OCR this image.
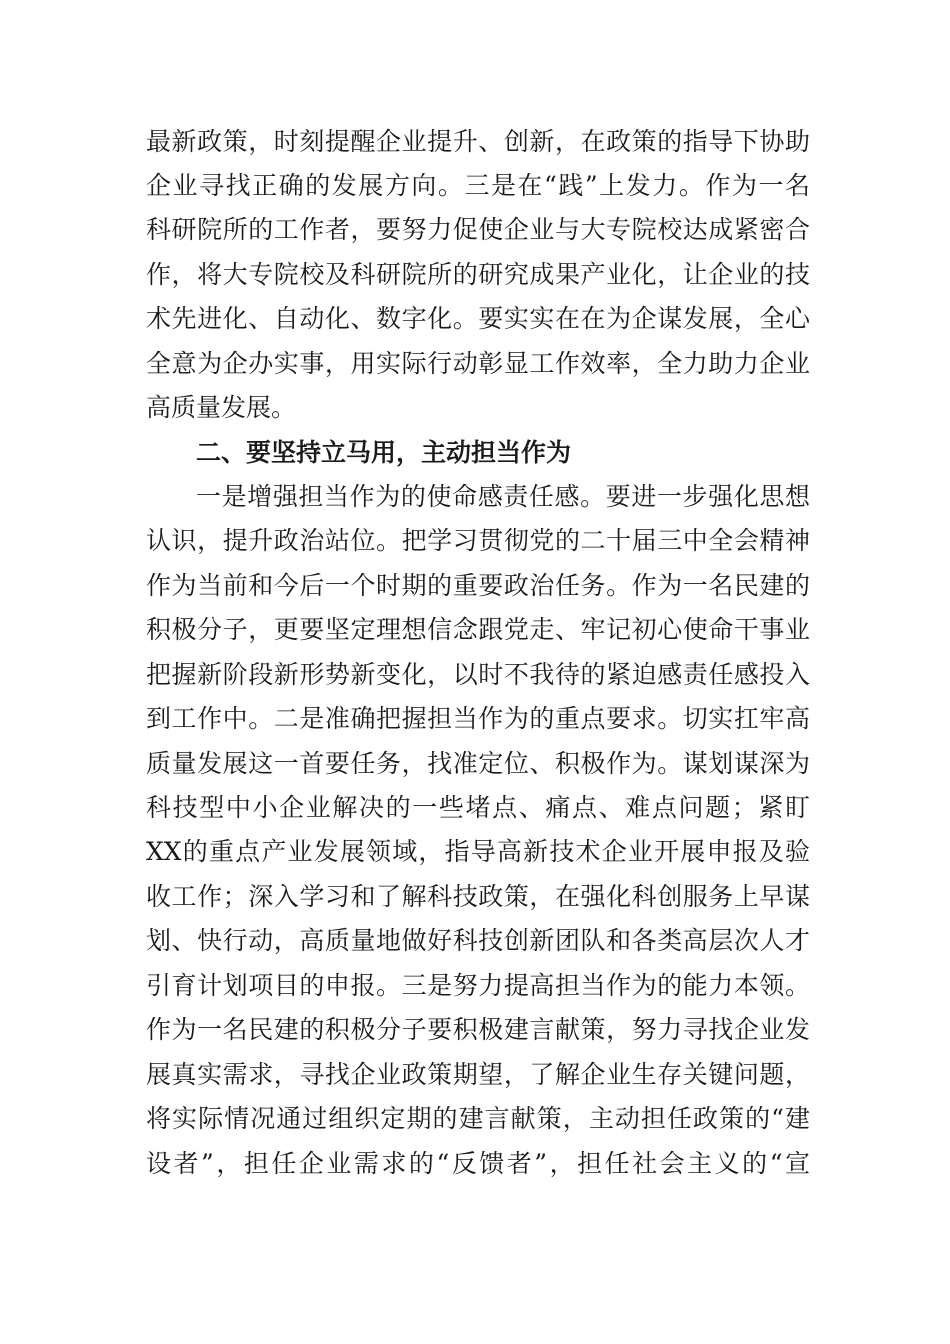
最新政策，时刻提醒企业提升、创新，在政策的指导下协助
企业寻找正确的发展方向。三是在“践”上发力。作为一名
科研院所的工作者，要努力促使企业与大专院校达成紧密合
作，将大专院校及科研院所的研究成果产业化，让企业的技
术先进化、自动化、数字化。要实实在在为企谋发展，全心
全意为企办实事，用实际行动彰显工作效率，全力助力企业
高质量发展。
二、要坚持立马用，主动担当作为
一是增强担当作为的使命感责任感。要进一步强化思想
认识，提升政治站位。把学习贯彻党的二十届三中全会精神
作为当前和今后一个时期的重要政治任务。作为一名民建的
积极分子，更要坚定理想信念跟党走、牢记初心使命干事业
把握新阶段新形势新变化，以时不我待的紧迫感责任感投入
到工作中。二是准确把握担当作为的重点要求。切实扛牢高
质量发展这一首要任务，找准定位、积极作为。谋划谋深为
科技型中小企业解决的一些堵点、痛点、难点问题；紧盯
XX的重点产业发展领域，指导高新技术企业开展申报及验
收工作；深入学习和了解科技政策，在强化科创服务上早谋
划、快行动，高质量地做好科技创新团队和各类高层次人才
引育计划项目的申报。三是努力提高担当作为的能力本领。
作为一名民建的积极分子要积极建言献策，努力寻找企业发
展真实需求，寻找企业政策期望，了解企业生存关键问题，
将实际情况通过组织定期的建言献策，主动担任政策的“建
设者”，担任企业需求的“反馈者”，担任社会主义的“宣
